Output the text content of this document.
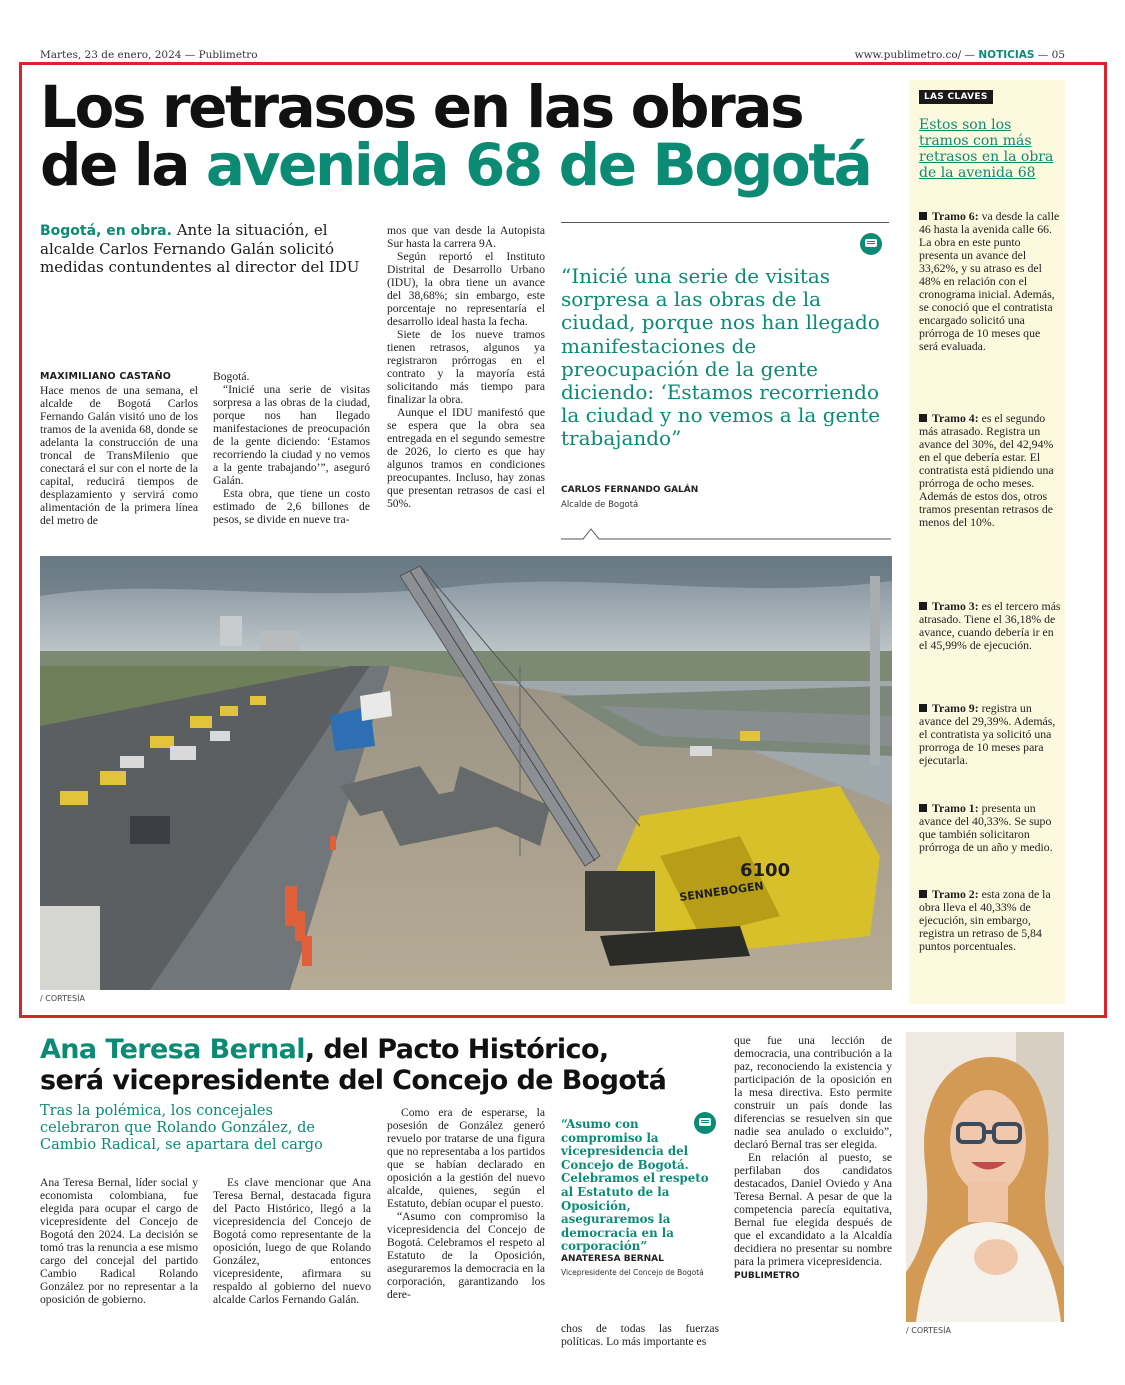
Martes, 23 de enero, 2024 — Publimetro	www.publimetro.co/ — NOTICIAS — 05
Los retrasos en las obras
de la avenida 68 de Bogotá
Bogotá, en obra. Ante la situación, el alcalde Carlos Fernando Galán solicitó medidas contundentes al director del IDU
MAXIMILIANO CASTAÑO

Hace menos de una semana, el alcalde de Bogotá Carlos Fernando Galán visitó uno de los tramos de la avenida 68, donde se adelanta la construcción de una troncal de TransMilenio que conectará el sur con el norte de la capital, reducirá tiempos de desplazamiento y servirá como alimentación de la primera línea del metro de

Bogotá.

“Inicié una serie de visitas sorpresa a las obras de la ciudad, porque nos han llegado manifestaciones de preocupación de la gente diciendo: ‘Estamos recorriendo la ciudad y no vemos a la gente trabajando’”, aseguró Galán.

Esta obra, que tiene un costo estimado de 2,6 billones de pesos, se divide en nueve tra-

mos que van desde la Autopista Sur hasta la carrera 9A.

Según reportó el Instituto Distrital de Desarrollo Urbano (IDU), la obra tiene un avance del 38,68%; sin embargo, este porcentaje no representaría el desarrollo ideal hasta la fecha.

Siete de los nueve tramos tienen retrasos, algunos ya registraron prórrogas en el contrato y la mayoría está solicitando más tiempo para finalizar la obra.

Aunque el IDU manifestó que se espera que la obra sea entregada en el segundo semestre de 2026, lo cierto es que hay algunos tramos en condiciones preocupantes. Incluso, hay zonas que presentan retrasos de casi el 50%.

“Inicié una serie de visitas sorpresa a las obras de la ciudad, porque nos han llegado manifestaciones de preocupación de la gente diciendo: ‘Estamos recorriendo la ciudad y no vemos a la gente trabajando”
CARLOS FERNANDO GALÁN
Alcalde de Bogotá
6100
SENNEBOGEN
/ CORTESÍA
LAS CLAVES
Estos son los tramos con más retrasos en la obra de la avenida 68
Tramo 6: va desde la calle 46 hasta la avenida calle 66. La obra en este punto presenta un avance del 33,62%, y su atraso es del 48% en relación con el cronograma inicial. Además, se conoció que el contratista encargado solicitó una prórroga de 10 meses que será evaluada.
Tramo 4: es el segundo más atrasado. Registra un avance del 30%, del 42,94% en el que debería estar. El contratista está pidiendo una prórroga de ocho meses. Además de estos dos, otros tramos presentan retrasos de menos del 10%.
Tramo 3: es el tercero más atrasado. Tiene el 36,18% de avance, cuando debería ir en el 45,99% de ejecución.
Tramo 9: registra un avance del 29,39%. Además, el contratista ya solicitó una prorroga de 10 meses para ejecutarla.
Tramo 1: presenta un avance del 40,33%. Se supo que también solicitaron prórroga de un año y medio.
Tramo 2: esta zona de la obra lleva el 40,33% de ejecución, sin embargo, registra un retraso de 5,84 puntos porcentuales.
Ana Teresa Bernal, del Pacto Histórico,
será vicepresidente del Concejo de Bogotá
Tras la polémica, los concejales celebraron que Rolando González, de Cambio Radical, se apartara del cargo

Ana Teresa Bernal, líder social y economista colombiana, fue elegida para ocupar el cargo de vicepresidente del Concejo de Bogotá den 2024. La decisión se tomó tras la renuncia a ese mismo cargo del concejal del partido Cambio Radical Rolando González por no representar a la oposición de gobierno.

Es clave mencionar que Ana Teresa Bernal, destacada figura del Pacto Histórico, llegó a la vicepresidencia del Concejo de Bogotá como representante de la oposición, luego de que Rolando González, entonces vicepresidente, afirmara su respaldo al gobierno del nuevo alcalde Carlos Fernando Galán.

Como era de esperarse, la posesión de González generó revuelo por tratarse de una figura que no representaba a los partidos que se habían declarado en oposición a la gestión del nuevo alcalde, quienes, según el Estatuto, debían ocupar el puesto.

“Asumo con compromiso la vicepresidencia del Concejo de Bogotá. Celebramos el respeto al Estatuto de la Oposición, aseguraremos la democracia en la corporación, garantizando los dere-

chos de todas las fuerzas políticas. Lo más importante es

“Asumo con compromiso la vicepresidencia del Concejo de Bogotá. Celebramos el respeto al Estatuto de la Oposición, aseguraremos la democracia en la corporación”
ANATERESA BERNAL
Vicepresidente del Concejo de Bogotá

que fue una lección de democracia, una contribución a la paz, reconociendo la existencia y participación de la oposición en la mesa directiva. Esto permite construir un país donde las diferencias se resuelven sin que nadie sea anulado o excluido”, declaró Bernal tras ser elegida.

En relación al puesto, se perfilaban dos candidatos destacados, Daniel Oviedo y Ana Teresa Bernal. A pesar de que la competencia parecía equitativa, Bernal fue elegida después de que el excandidato a la Alcaldía decidiera no presentar su nombre para la primera vicepresidencia.

PUBLIMETRO
/ CORTESÍA
